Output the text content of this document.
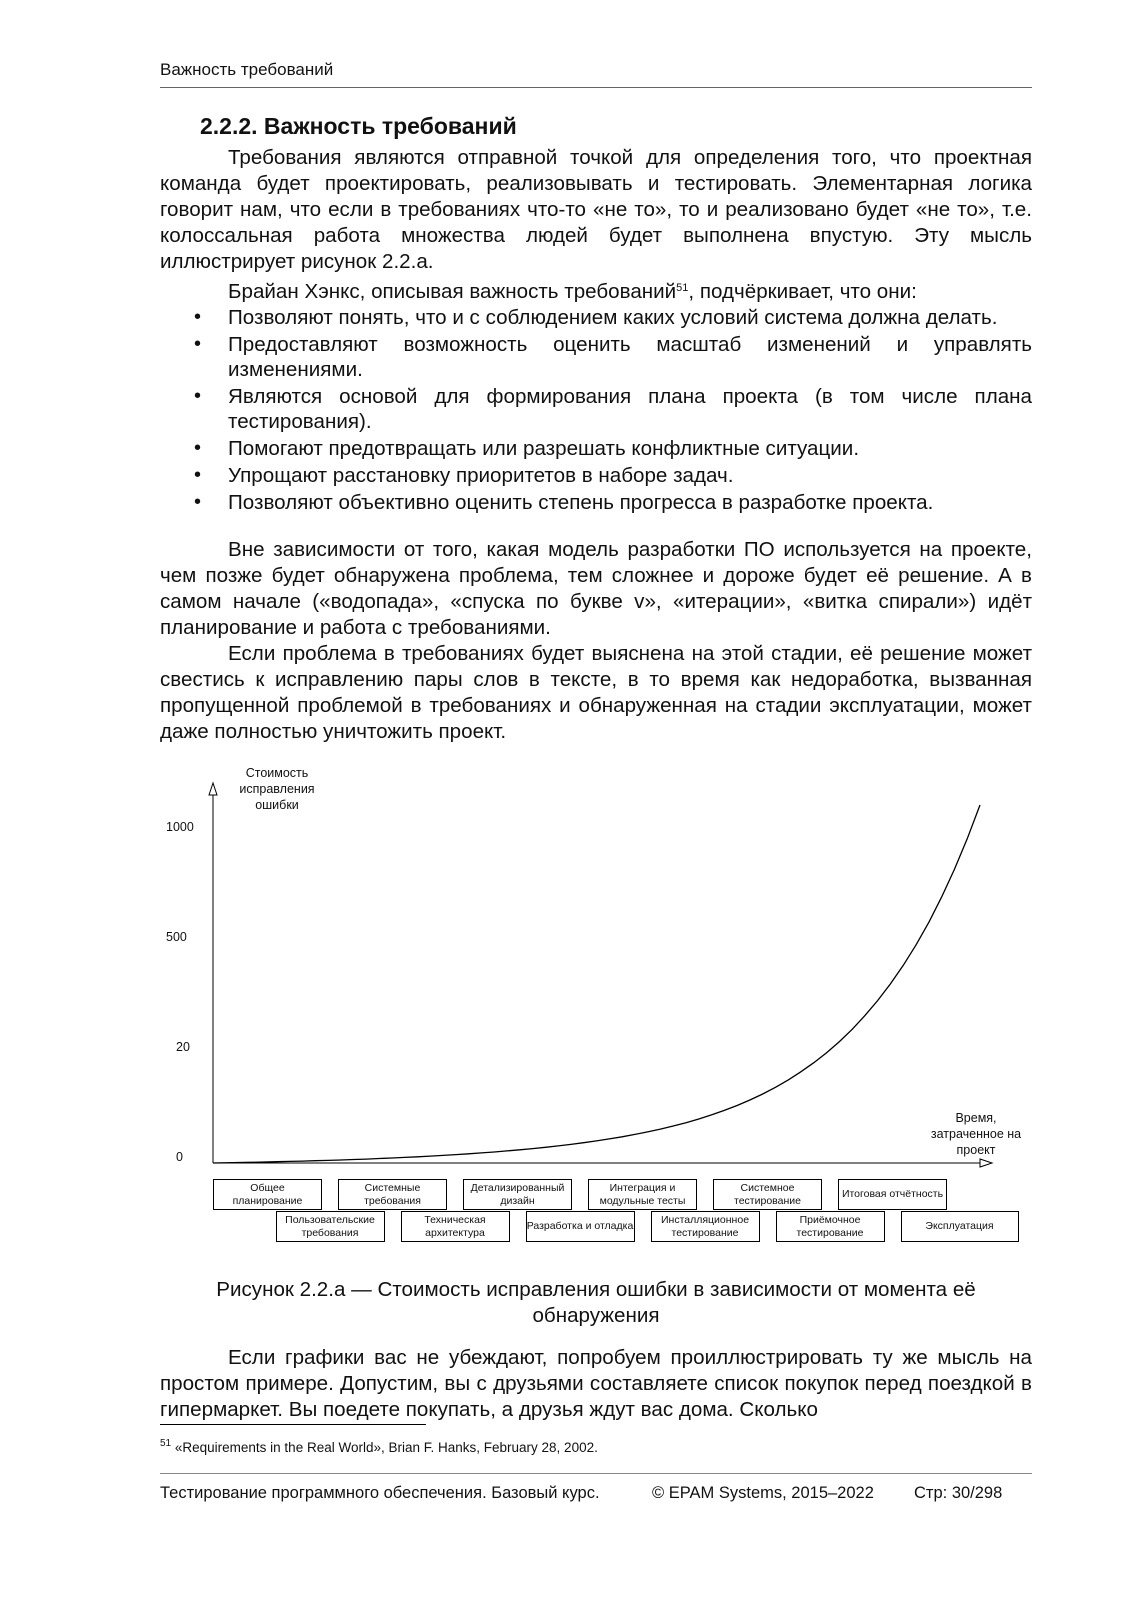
Важность требований
2.2.2. Важность требований

Требования являются отправной точкой для определения того, что проектная команда будет проектировать, реализовывать и тестировать. Элементарная логика говорит нам, что если в требованиях что-то «не то», то и реализовано будет «не то», т.е. колоссальная работа множества людей будет выполнена впустую. Эту мысль иллюстрирует рисунок 2.2.a.

Брайан Хэнкс, описывая важность требований$^{51}$, подчёркивает, что они:

• Позволяют понять, что и с соблюдением каких условий система должна делать.
• Предоставляют возможность оценить масштаб изменений и управлять изменениями.
• Являются основой для формирования плана проекта (в том числе плана тестирования).
• Помогают предотвращать или разрешать конфликтные ситуации.
• Упрощают расстановку приоритетов в наборе задач.
• Позволяют объективно оценить степень прогресса в разработке проекта.

Вне зависимости от того, какая модель разработки ПО используется на проекте, чем позже будет обнаружена проблема, тем сложнее и дороже будет её решение. А в самом начале («водопада», «спуска по букве v», «итерации», «витка спирали») идёт планирование и работа с требованиями.

Если проблема в требованиях будет выяснена на этой стадии, её решение может свестись к исправлению пары слов в тексте, в то время как недоработка, вызванная пропущенной проблемой в требованиях и обнаруженная на стадии эксплуатации, может даже полностью уничтожить проект.

Стоимость исправления ошибки
Время, затраченное на проект
0
20
500
1000
Общее планирование
Пользовательские требования
Системные требования
Техническая архитектура
Детализированный дизайн
Разработка и отладка
Интеграция и модульные тесты
Инсталляционное тестирование
Системное тестирование
Приёмочное тестирование
Итоговая отчётность
Эксплуатация
Рисунок 2.2.a — Стоимость исправления ошибки в зависимости от момента её обнаружения

Если графики вас не убеждают, попробуем проиллюстрировать ту же мысль на простом примере. Допустим, вы с друзьями составляете список покупок перед поездкой в гипермаркет. Вы поедете покупать, а друзья ждут вас дома. Сколько

$^{51}$ «Requirements in the Real World», Brian F. Hanks, February 28, 2002.
Тестирование программного обеспечения. Базовый курс.	© EPAM Systems, 2015–2022 Стр: 30/298
